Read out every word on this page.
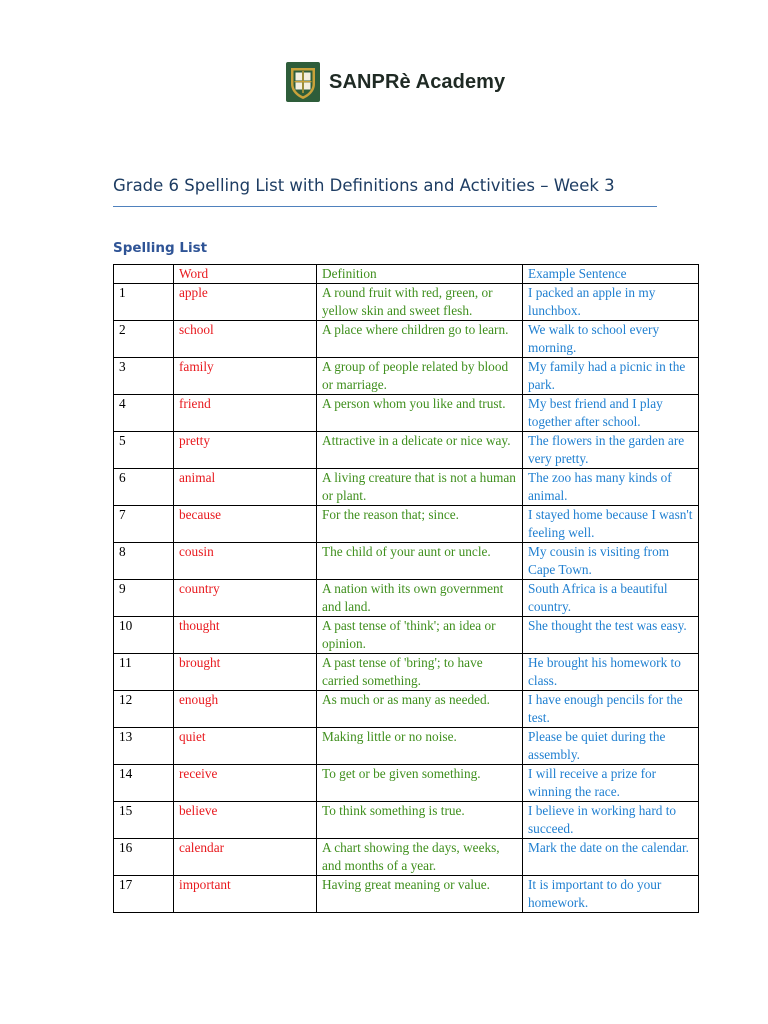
SANPRè Academy
Grade 6 Spelling List with Definitions and Activities – Week 3
Spelling List
	Word	Definition	Example Sentence
1	apple	A round fruit with red, green, or yellow skin and sweet flesh.	I packed an apple in my lunchbox.
2	school	A place where children go to learn.	We walk to school every morning.
3	family	A group of people related by blood or marriage.	My family had a picnic in the park.
4	friend	A person whom you like and trust.	My best friend and I play together after school.
5	pretty	Attractive in a delicate or nice way.	The flowers in the garden are very pretty.
6	animal	A living creature that is not a human or plant.	The zoo has many kinds of animal.
7	because	For the reason that; since.	I stayed home because I wasn't feeling well.
8	cousin	The child of your aunt or uncle.	My cousin is visiting from Cape Town.
9	country	A nation with its own government and land.	South Africa is a beautiful country.
10	thought	A past tense of 'think'; an idea or opinion.	She thought the test was easy.
11	brought	A past tense of 'bring'; to have carried something.	He brought his homework to class.
12	enough	As much or as many as needed.	I have enough pencils for the test.
13	quiet	Making little or no noise.	Please be quiet during the assembly.
14	receive	To get or be given something.	I will receive a prize for winning the race.
15	believe	To think something is true.	I believe in working hard to succeed.
16	calendar	A chart showing the days, weeks, and months of a year.	Mark the date on the calendar.
17	important	Having great meaning or value.	It is important to do your homework.
